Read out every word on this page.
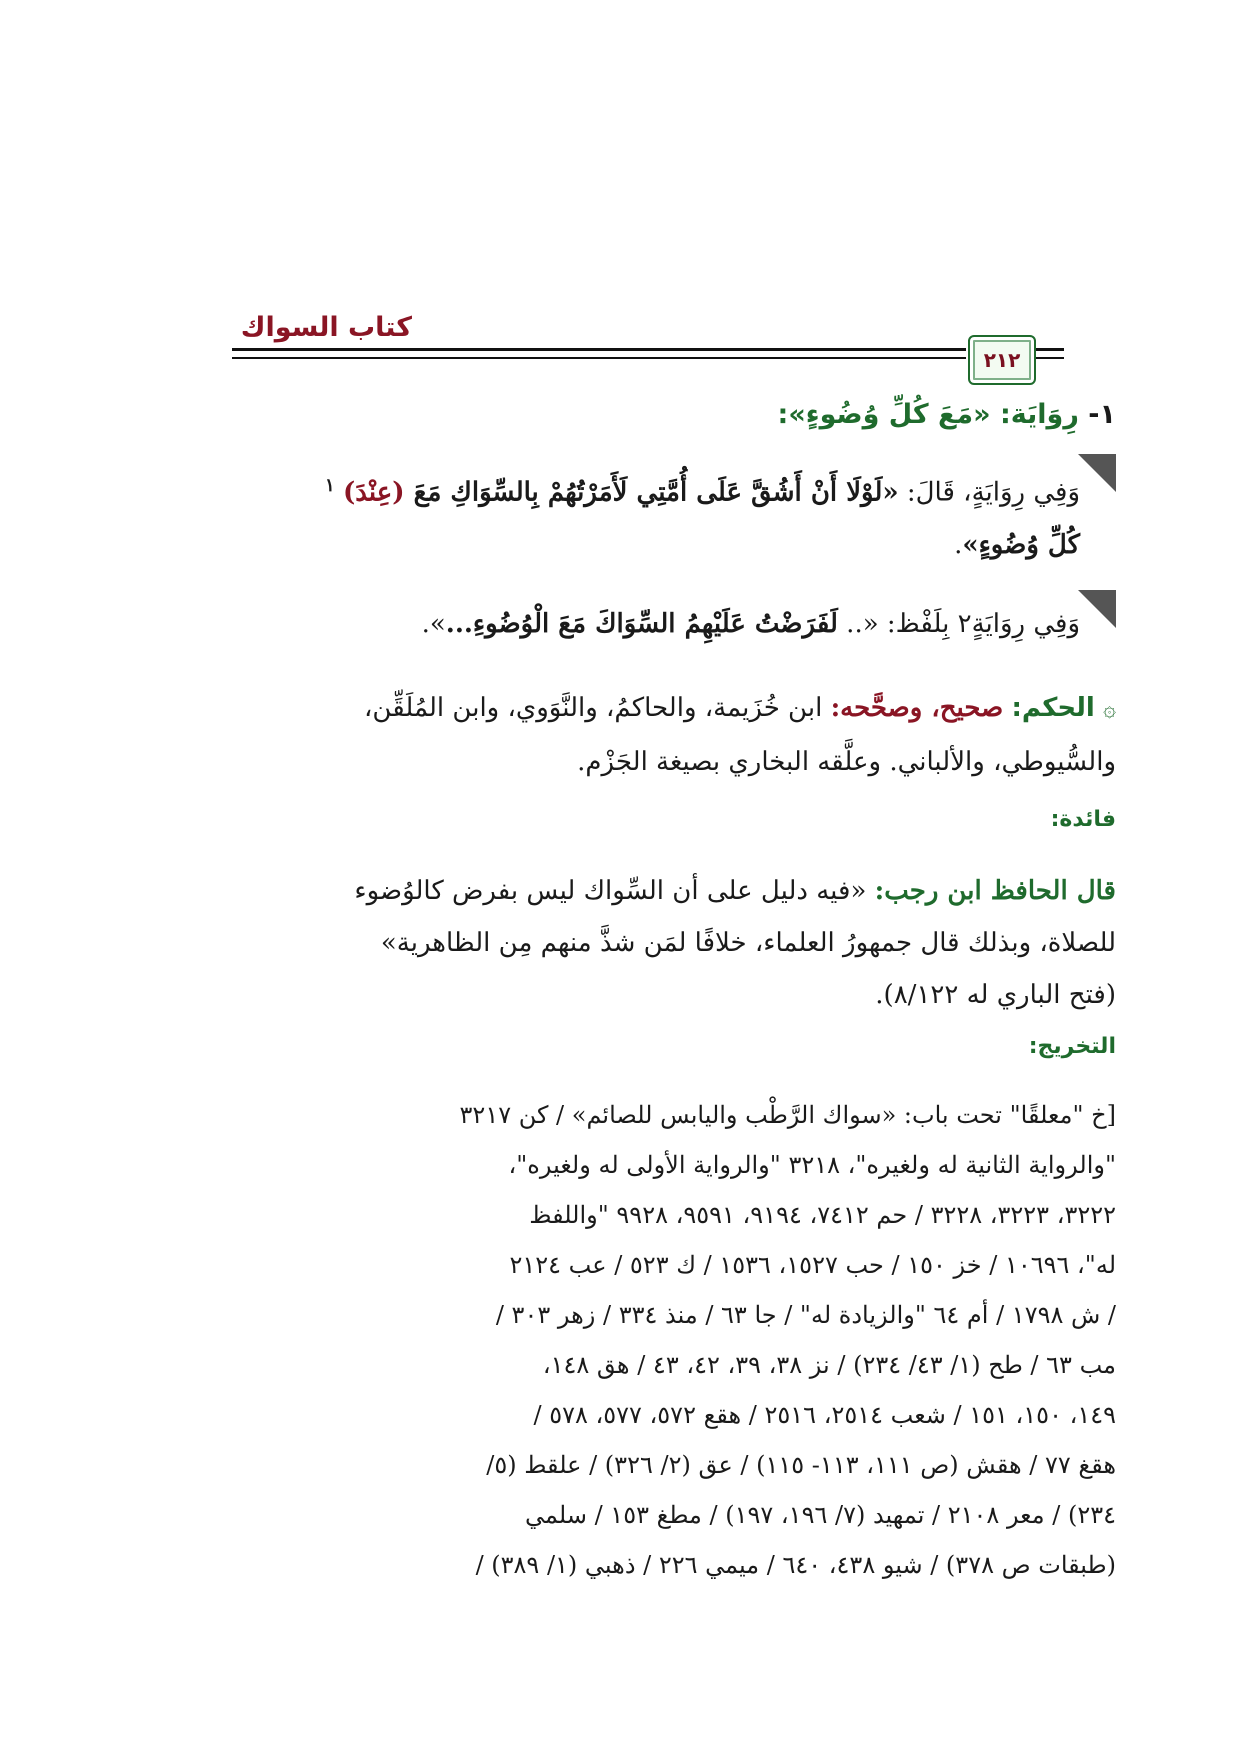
كتاب السواك
٢١٢
١- رِوَايَة: «مَعَ كُلِّ وُضُوءٍ»:
وَفِي رِوَايَةٍ، قَالَ: «لَوْلَا أَنْ أَشُقَّ عَلَى أُمَّتِي لَأَمَرْتُهُمْ بِالسِّوَاكِ مَعَ (عِنْدَ) $^١$
كُلِّ وُضُوءٍ».
وَفِي رِوَايَةٍ٢ بِلَفْظ: «.. لَفَرَضْتُ عَلَيْهِمُ السِّوَاكَ مَعَ الْوُضُوءِ...».
۞ الحكم: صحيح، وصحَّحه: ابن خُزَيمة، والحاكمُ، والنَّوَوي، وابن المُلَقِّن،
والسُّيوطي، والألباني. وعلَّقه البخاري بصيغة الجَزْم.
فائدة:
قال الحافظ ابن رجب: «فيه دليل على أن السِّواك ليس بفرض كالوُضوء
للصلاة، وبذلك قال جمهورُ العلماء، خلافًا لمَن شذَّ منهم مِن الظاهرية»
(فتح الباري له ٨/١٢٢).
التخريج:
[خ "معلقًا" تحت باب: «سواك الرَّطْب واليابس للصائم» / كن ٣٢١٧
"والرواية الثانية له ولغيره"، ٣٢١٨ "والرواية الأولى له ولغيره"،
٣٢٢٢، ٣٢٢٣، ٣٢٢٨ / حم ٧٤١٢، ٩١٩٤، ٩٥٩١، ٩٩٢٨ "واللفظ
له"، ١٠٦٩٦ / خز ١٥٠ / حب ١٥٢٧، ١٥٣٦ / ك ٥٢٣ / عب ٢١٢٤
/ ش ١٧٩٨ / أم ٦٤ "والزيادة له" / جا ٦٣ / منذ ٣٣٤ / زهر ٣٠٣ /
مب ٦٣ / طح (١/ ٤٣/ ٢٣٤) / نز ٣٨، ٣٩، ٤٢، ٤٣ / هق ١٤٨،
١٤٩، ١٥٠، ١٥١ / شعب ٢٥١٤، ٢٥١٦ / هقع ٥٧٢، ٥٧٧، ٥٧٨ /
هقغ ٧٧ / هقش (ص ١١١، ١١٣- ١١٥) / عق (٢/ ٣٢٦) / علقط (٥/
٢٣٤) / معر ٢١٠٨ / تمهيد (٧/ ١٩٦، ١٩٧) / مطغ ١٥٣ / سلمي
(طبقات ص ٣٧٨) / شيو ٤٣٨، ٦٤٠ / ميمي ٢٢٦ / ذهبي (١/ ٣٨٩) /
